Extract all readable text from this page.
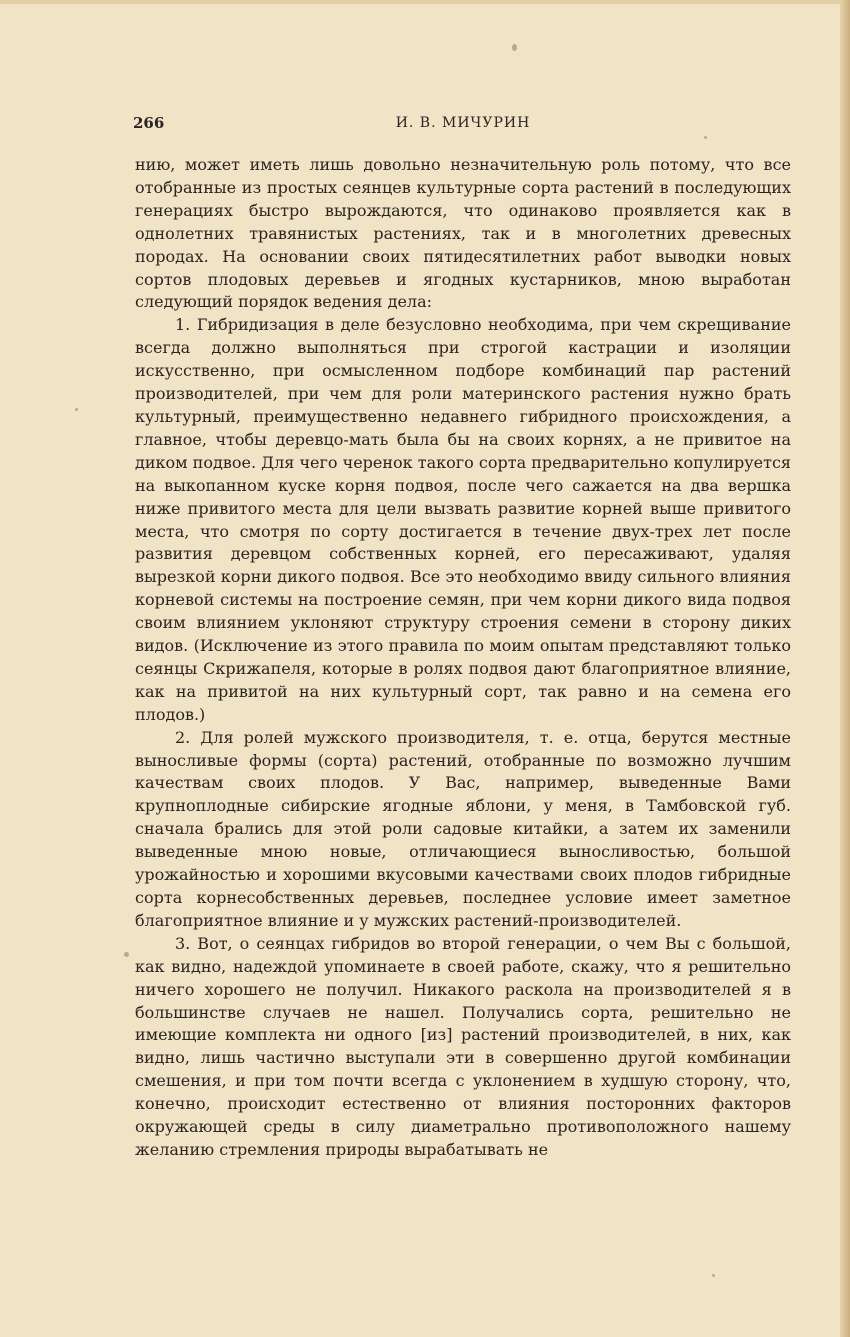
266	И. В. МИЧУРИН

нию, может иметь лишь довольно незначительную роль потому, что все отобранные из простых сеянцев культурные сорта растений в последующих генерациях быстро вырождаются, что одинаково проявляется как в однолетних травянистых растениях, так и в многолетних древесных породах. На основании своих пятидесятилетних работ выводки новых сортов плодовых деревьев и ягодных кустарников, мною выработан следующий порядок ведения дела:

1. Гибридизация в деле безусловно необходима, при чем скрещивание всегда должно выполняться при строгой кастрации и изоляции искусственно, при осмысленном подборе комбинаций пар растений производителей, при чем для роли материнского растения нужно брать культурный, преимущественно недавнего гибридного происхождения, а главное, чтобы деревцо-мать была бы на своих корнях, а не привитое на диком подвое. Для чего черенок такого сорта предварительно копулируется на выкопанном куске корня подвоя, после чего сажается на два вершка ниже привитого места для цели вызвать развитие корней выше привитого места, что смотря по сорту достигается в течение двух-трех лет после развития деревцом собственных корней, его пересаживают, удаляя вырезкой корни дикого подвоя. Все это необходимо ввиду сильного влияния корневой системы на построение семян, при чем корни дикого вида подвоя своим влиянием уклоняют структуру строения семени в сторону диких видов. (Исключение из этого правила по моим опытам представляют только сеянцы Скрижапеля, которые в ролях подвоя дают благоприятное влияние, как на привитой на них культурный сорт, так равно и на семена его плодов.)

2. Для ролей мужского производителя, т. е. отца, берутся местные выносливые формы (сорта) растений, отобранные по возможно лучшим качествам своих плодов. У Вас, например, выведенные Вами крупноплодные сибирские ягодные яблони, у меня, в Тамбовской губ. сначала брались для этой роли садовые китайки, а затем их заменили выведенные мною новые, отличающиеся выносливостью, большой урожайностью и хорошими вкусовыми качествами своих плодов гибридные сорта корнесобственных деревьев, последнее условие имеет заметное благоприятное влияние и у мужских растений-производителей.

3. Вот, о сеянцах гибридов во второй генерации, о чем Вы с большой, как видно, надеждой упоминаете в своей работе, скажу, что я решительно ничего хорошего не получил. Никакого раскола на производителей я в большинстве случаев не нашел. Получались сорта, решительно не имеющие комплекта ни одного [из] растений производителей, в них, как видно, лишь частично выступали эти в совершенно другой комбинации смешения, и при том почти всегда с уклонением в худшую сторону, что, конечно, происходит естественно от влияния посторонних факторов окружающей среды в силу диаметрально противоположного нашему желанию стремления природы вырабатывать не
